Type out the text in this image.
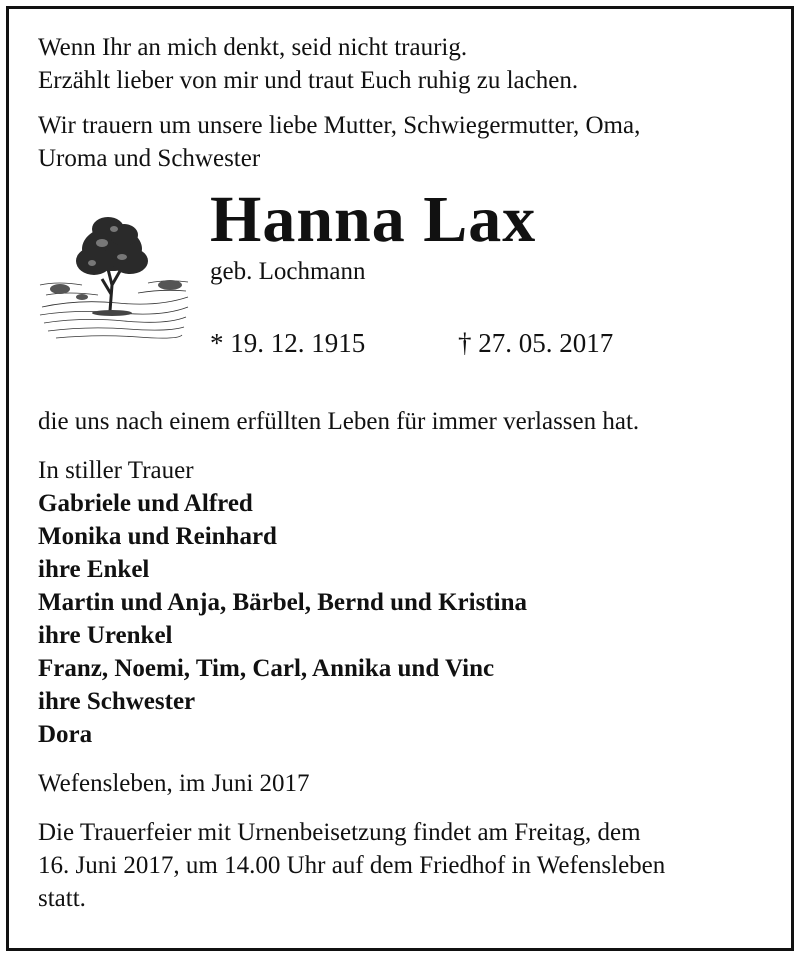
Wenn Ihr an mich denkt, seid nicht traurig.
Erzählt lieber von mir und traut Euch ruhig zu lachen.
Wir trauern um unsere liebe Mutter, Schwiegermutter, Oma,
Uroma und Schwester
Hanna Lax
geb. Lochmann
* 19. 12. 1915	† 27. 05. 2017
die uns nach einem erfüllten Leben für immer verlassen hat.
In stiller Trauer
Gabriele und Alfred
Monika und Reinhard
ihre Enkel
Martin und Anja, Bärbel, Bernd und Kristina
ihre Urenkel
Franz, Noemi, Tim, Carl, Annika und Vinc
ihre Schwester
Dora
Wefensleben, im Juni 2017
Die Trauerfeier mit Urnenbeisetzung findet am Freitag, dem
16. Juni 2017, um 14.00 Uhr auf dem Friedhof in Wefensleben
statt.
